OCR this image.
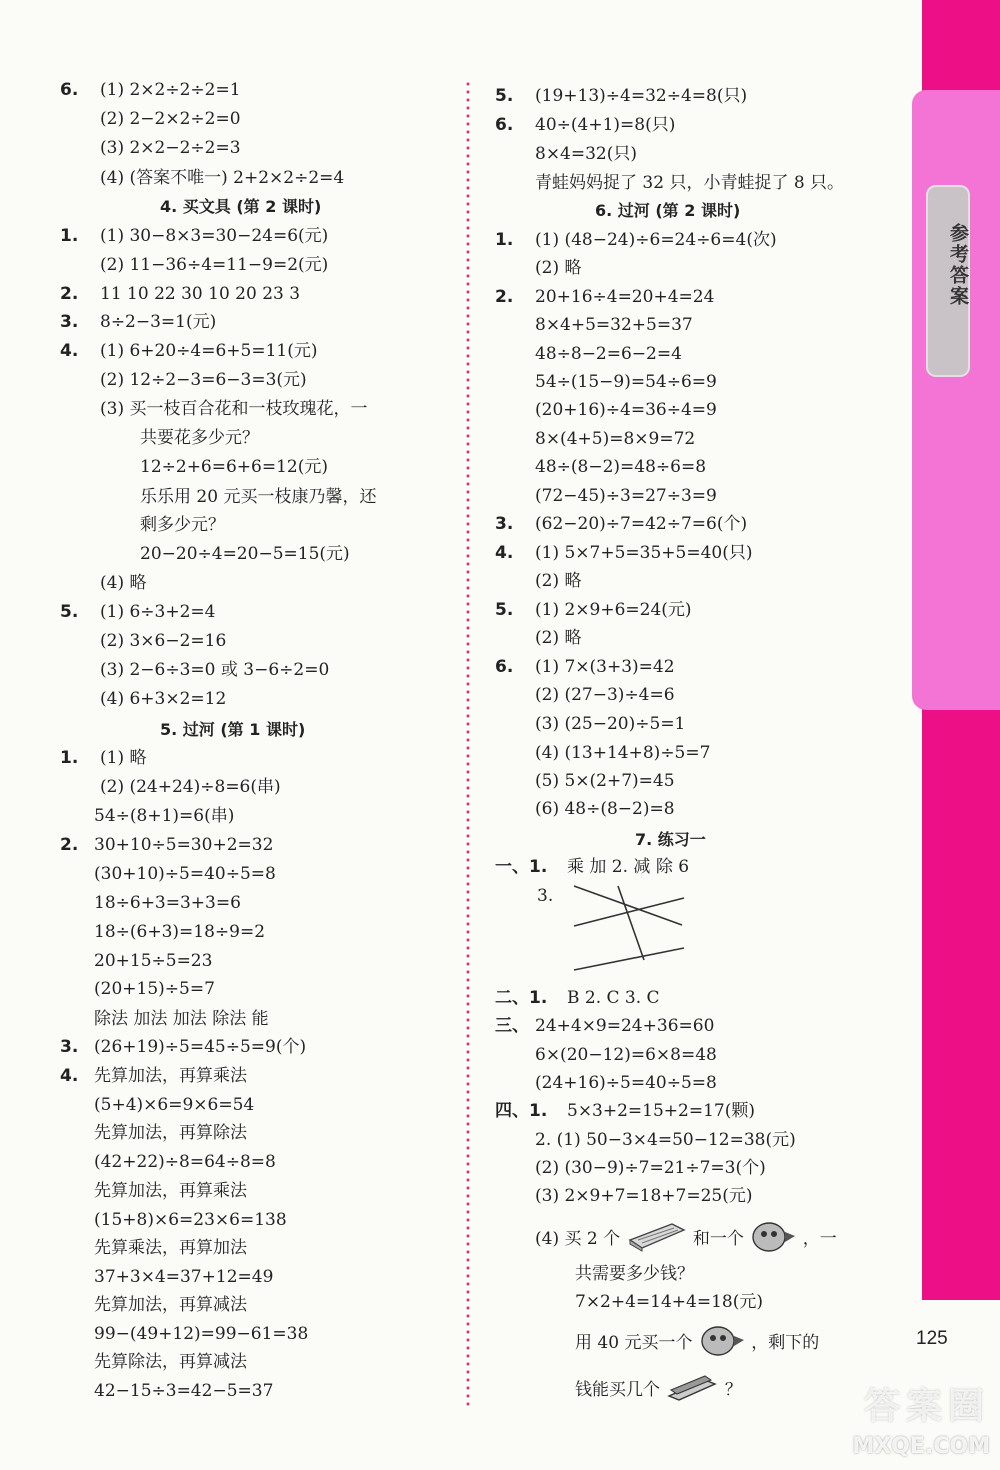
参考答案
6. (1) 2×2÷2÷2=1
(2) 2−2×2÷2=0
(3) 2×2−2÷2=3
(4) (答案不唯一) 2+2×2÷2=4
4. 买文具 (第 2 课时)
1. (1) 30−8×3=30−24=6(元)
(2) 11−36÷4=11−9=2(元)
2. 11 10 22 30 10 20 23 3
3. 8÷2−3=1(元)
4. (1) 6+20÷4=6+5=11(元)
(2) 12÷2−3=6−3=3(元)
(3) 买一枝百合花和一枝玫瑰花，一
共要花多少元？
12÷2+6=6+6=12(元)
乐乐用 20 元买一枝康乃馨，还
剩多少元？
20−20÷4=20−5=15(元)
(4) 略
5. (1) 6÷3+2=4
(2) 3×6−2=16
(3) 2−6÷3=0 或 3−6÷2=0
(4) 6+3×2=12
5. 过河 (第 1 课时)
1. (1) 略
(2) (24+24)÷8=6(串)
54÷(8+1)=6(串)
2. 30+10÷5=30+2=32
(30+10)÷5=40÷5=8
18÷6+3=3+3=6
18÷(6+3)=18÷9=2
20+15÷5=23
(20+15)÷5=7
除法 加法 加法 除法 能
3. (26+19)÷5=45÷5=9(个)
4. 先算加法，再算乘法
(5+4)×6=9×6=54
先算加法，再算除法
(42+22)÷8=64÷8=8
先算加法，再算乘法
(15+8)×6=23×6=138
先算乘法，再算加法
37+3×4=37+12=49
先算加法，再算减法
99−(49+12)=99−61=38
先算除法，再算减法
42−15÷3=42−5=37
5. (19+13)÷4=32÷4=8(只)
6. 40÷(4+1)=8(只)
8×4=32(只)
青蛙妈妈捉了 32 只，小青蛙捉了 8 只。
6. 过河 (第 2 课时)
1. (1) (48−24)÷6=24÷6=4(次)
(2) 略
2. 20+16÷4=20+4=24
8×4+5=32+5=37
48÷8−2=6−2=4
54÷(15−9)=54÷6=9
(20+16)÷4=36÷4=9
8×(4+5)=8×9=72
48÷(8−2)=48÷6=8
(72−45)÷3=27÷3=9
3. (62−20)÷7=42÷7=6(个)
4. (1) 5×7+5=35+5=40(只)
(2) 略
5. (1) 2×9+6=24(元)
(2) 略
6. (1) 7×(3+3)=42
(2) (27−3)÷4=6
(3) (25−20)÷5=1
(4) (13+14+8)÷5=7
(5) 5×(2+7)=45
(6) 48÷(8−2)=8
7. 练习一
一、1. 乘 加 2. 减 除 6
3.
二、1. B 2. C 3. C
三、 24+4×9=24+36=60
6×(20−12)=6×8=48
(24+16)÷5=40÷5=8
四、1. 5×3+2=15+2=17(颗)
2. (1) 50−3×4=50−12=38(元)
(2) (30−9)÷7=21÷7=3(个)
(3) 2×9+7=18+7=25(元)
(4) 买 2 个	和一个	，一
共需要多少钱？
7×2+4=14+4=18(元)
用 40 元买一个	，剩下的
钱能买几个	？
125
答案圈
MXQE.COM
